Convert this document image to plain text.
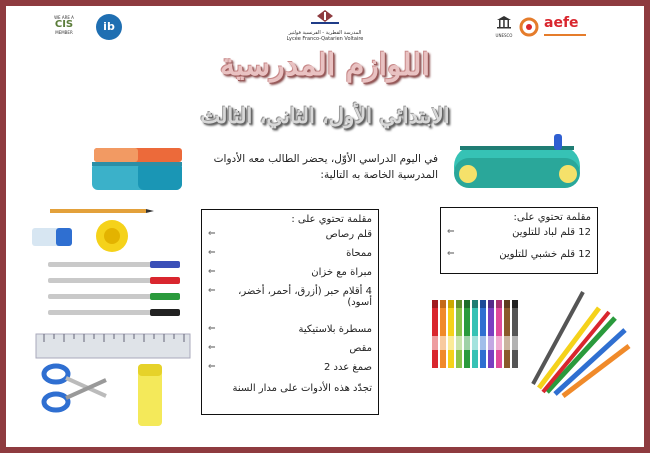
WE ARE A
CIS
MEMBER	ib	المدرسة القطرية - الفرنسية فولتير
Lycée Franco-Qatarien Voltaire
UNESCO
aefe
اللوازم المدرسية
الابتدائي الأول، الثاني، الثالث
في اليوم الدراسي الأوّل، يحضر الطالب معه الأدوات المدرسية الخاصة به التالية:
مقلمة تحتوي على :
⇐	قلم رصاص
⇐	ممحاة
⇐	مبراة مع خزان
⇐	4 أقلام حبر (أزرق، أحمر، أخضر، أسود)
⇐	مسطرة بلاستيكية
⇐	مقص
⇐	صمغ عدد 2
تجدّد هذه الأدوات على مدار السنة
مقلمة تحتوي على:
⇐	12 قلم لباد للتلوين
⇐	12 قلم خشبي للتلوين
